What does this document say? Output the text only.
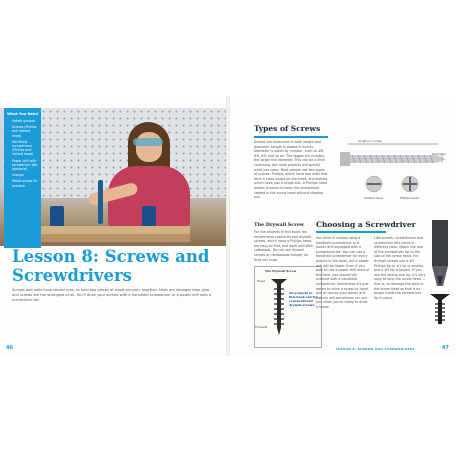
What You Need
• Safety glasses
• Screws (Phillips and slotted head)
• Handheld screwdrivers (Phillips and slotted head)
• Power drill with screwdriver bits (optional)
• Clamps
• Wood scraps for practice
Lesson 8: Screws and Screwdrivers

Screws and nails have similar jobs, to hold two pieces of wood securely together. Nails are stronger than glue, and screws are the strongest of all. You'll drive your screws with a handheld screwdriver or a power drill with a screwdriver bit.

46
Types of Screws

Screws are measured in both length and diameter. Length is stated in inches. Diameter is noted by number, such as #6, #8, #9, and so on. The bigger the number, the larger the diameter. This can be a little confusing, but most projects will specify what you need. Most people use two types of screws: Phillips, which have two slots that form a cross shape on the head, and slotted, which have just a single slot. A Phillips head makes it easier to keep the screwdriver seated in the screw head without slipping out.

length in inches
Diameter
Slotted head	Phillips head
The Drywall Screw

For the projects in this book, we recommend coarse-thread drywall screws, which have a Phillips head, are easy to find, and work well with softwoods. Do not use drywall screws on hardwoods though, as they will snap.

The Drywall Screw
Head
Threads
All projects in this book call for coarse-thread drywall screws.
Choosing a Screwdriver

You drive in screws using a handheld screwdriver or a power drill equipped with a screwdriver bit. You can use a handheld screwdriver for every project in the book, but a power drill will be faster. Even if you plan to use a power drill most of the time, you should still practice with a handheld screwdriver. Sometimes it's just easier to drive a screw by hand, and of course your power drill battery will sometimes run out just when you're ready to drive a screw.

Like screws, screwdrivers and screwdriver bits come in different sizes. Match the size of the screwdriver tip to the size of the screw head. For drywall screws use a #2 Phillips tip (a #1 tip is smaller, and a #3 tip is larger). If you use the wrong size tip, it's very easy to strip the screw head — that is, to damage the slots in the screw head so that it no longer holds the screwdriver tip in place.

LESSON 8: SCREWS AND SCREWDRIVERS	47
